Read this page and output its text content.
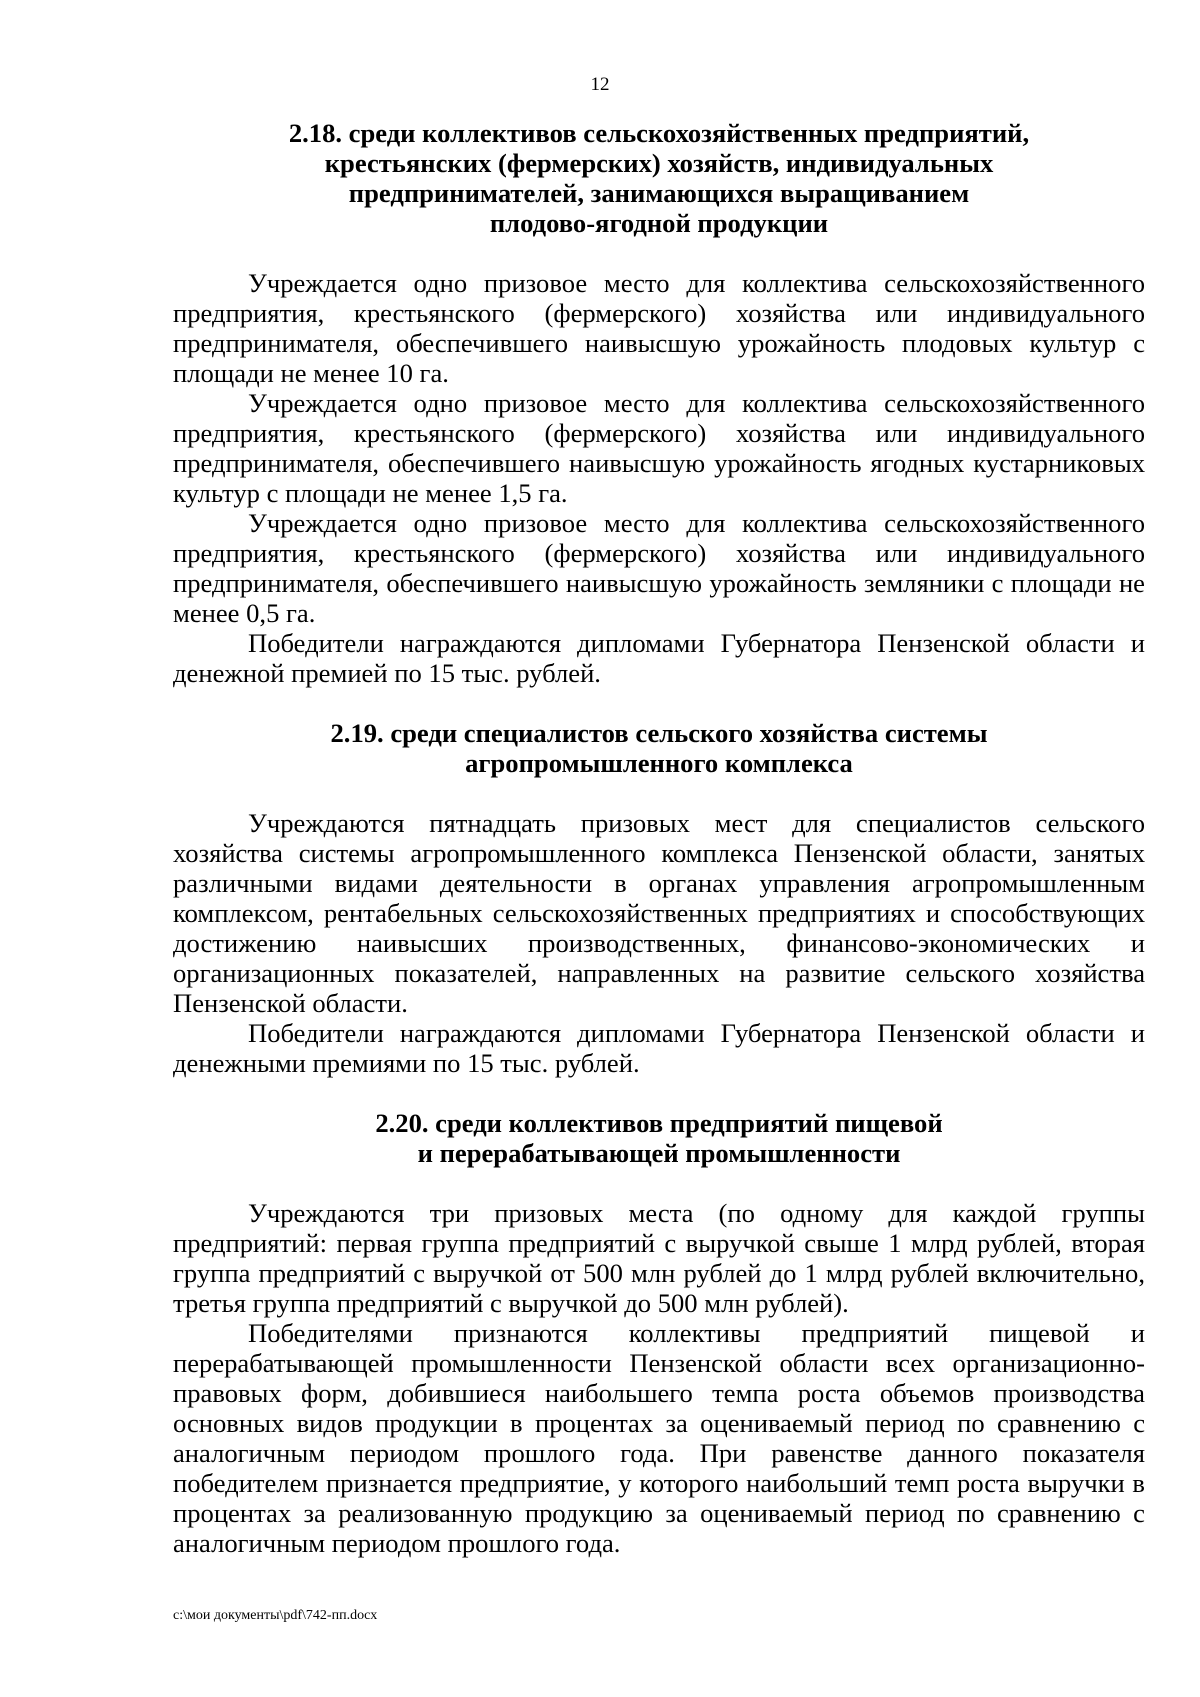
12
2.18. среди коллективов сельскохозяйственных предприятий,
крестьянских (фермерских) хозяйств, индивидуальных
предпринимателей, занимающихся выращиванием
плодово-ягодной продукции

Учреждается одно призовое место для коллектива сельскохозяйственного предприятия, крестьянского (фермерского) хозяйства или индивидуального предпринимателя, обеспечившего наивысшую урожайность плодовых культур с площади не менее 10 га.

Учреждается одно призовое место для коллектива сельскохозяйственного предприятия, крестьянского (фермерского) хозяйства или индивидуального предпринимателя, обеспечившего наивысшую урожайность ягодных кустарниковых культур с площади не менее 1,5 га.

Учреждается одно призовое место для коллектива сельскохозяйственного предприятия, крестьянского (фермерского) хозяйства или индивидуального предпринимателя, обеспечившего наивысшую урожайность земляники с площади не менее 0,5 га.

Победители награждаются дипломами Губернатора Пензенской области и денежной премией по 15 тыс. рублей.

2.19. среди специалистов сельского хозяйства системы
агропромышленного комплекса

Учреждаются пятнадцать призовых мест для специалистов сельского хозяйства системы агропромышленного комплекса Пензенской области, занятых различными видами деятельности в органах управления агропромышленным комплексом, рентабельных сельскохозяйственных предприятиях и способствующих достижению наивысших производственных, финансово-экономических и организационных показателей, направленных на развитие сельского хозяйства Пензенской области.

Победители награждаются дипломами Губернатора Пензенской области и денежными премиями по 15 тыс. рублей.

2.20. среди коллективов предприятий пищевой
и перерабатывающей промышленности

Учреждаются три призовых места (по одному для каждой группы предприятий: первая группа предприятий с выручкой свыше 1 млрд рублей, вторая группа предприятий с выручкой от 500 млн рублей до 1 млрд рублей включительно, третья группа предприятий с выручкой до 500 млн рублей).

Победителями признаются коллективы предприятий пищевой и перерабатывающей промышленности Пензенской области всех организационно-правовых форм, добившиеся наибольшего темпа роста объемов производства основных видов продукции в процентах за оцениваемый период по сравнению с аналогичным периодом прошлого года. При равенстве данного показателя победителем признается предприятие, у которого наибольший темп роста выручки в процентах за реализованную продукцию за оцениваемый период по сравнению с аналогичным периодом прошлого года.

c:\мои документы\pdf\742-пп.docx
